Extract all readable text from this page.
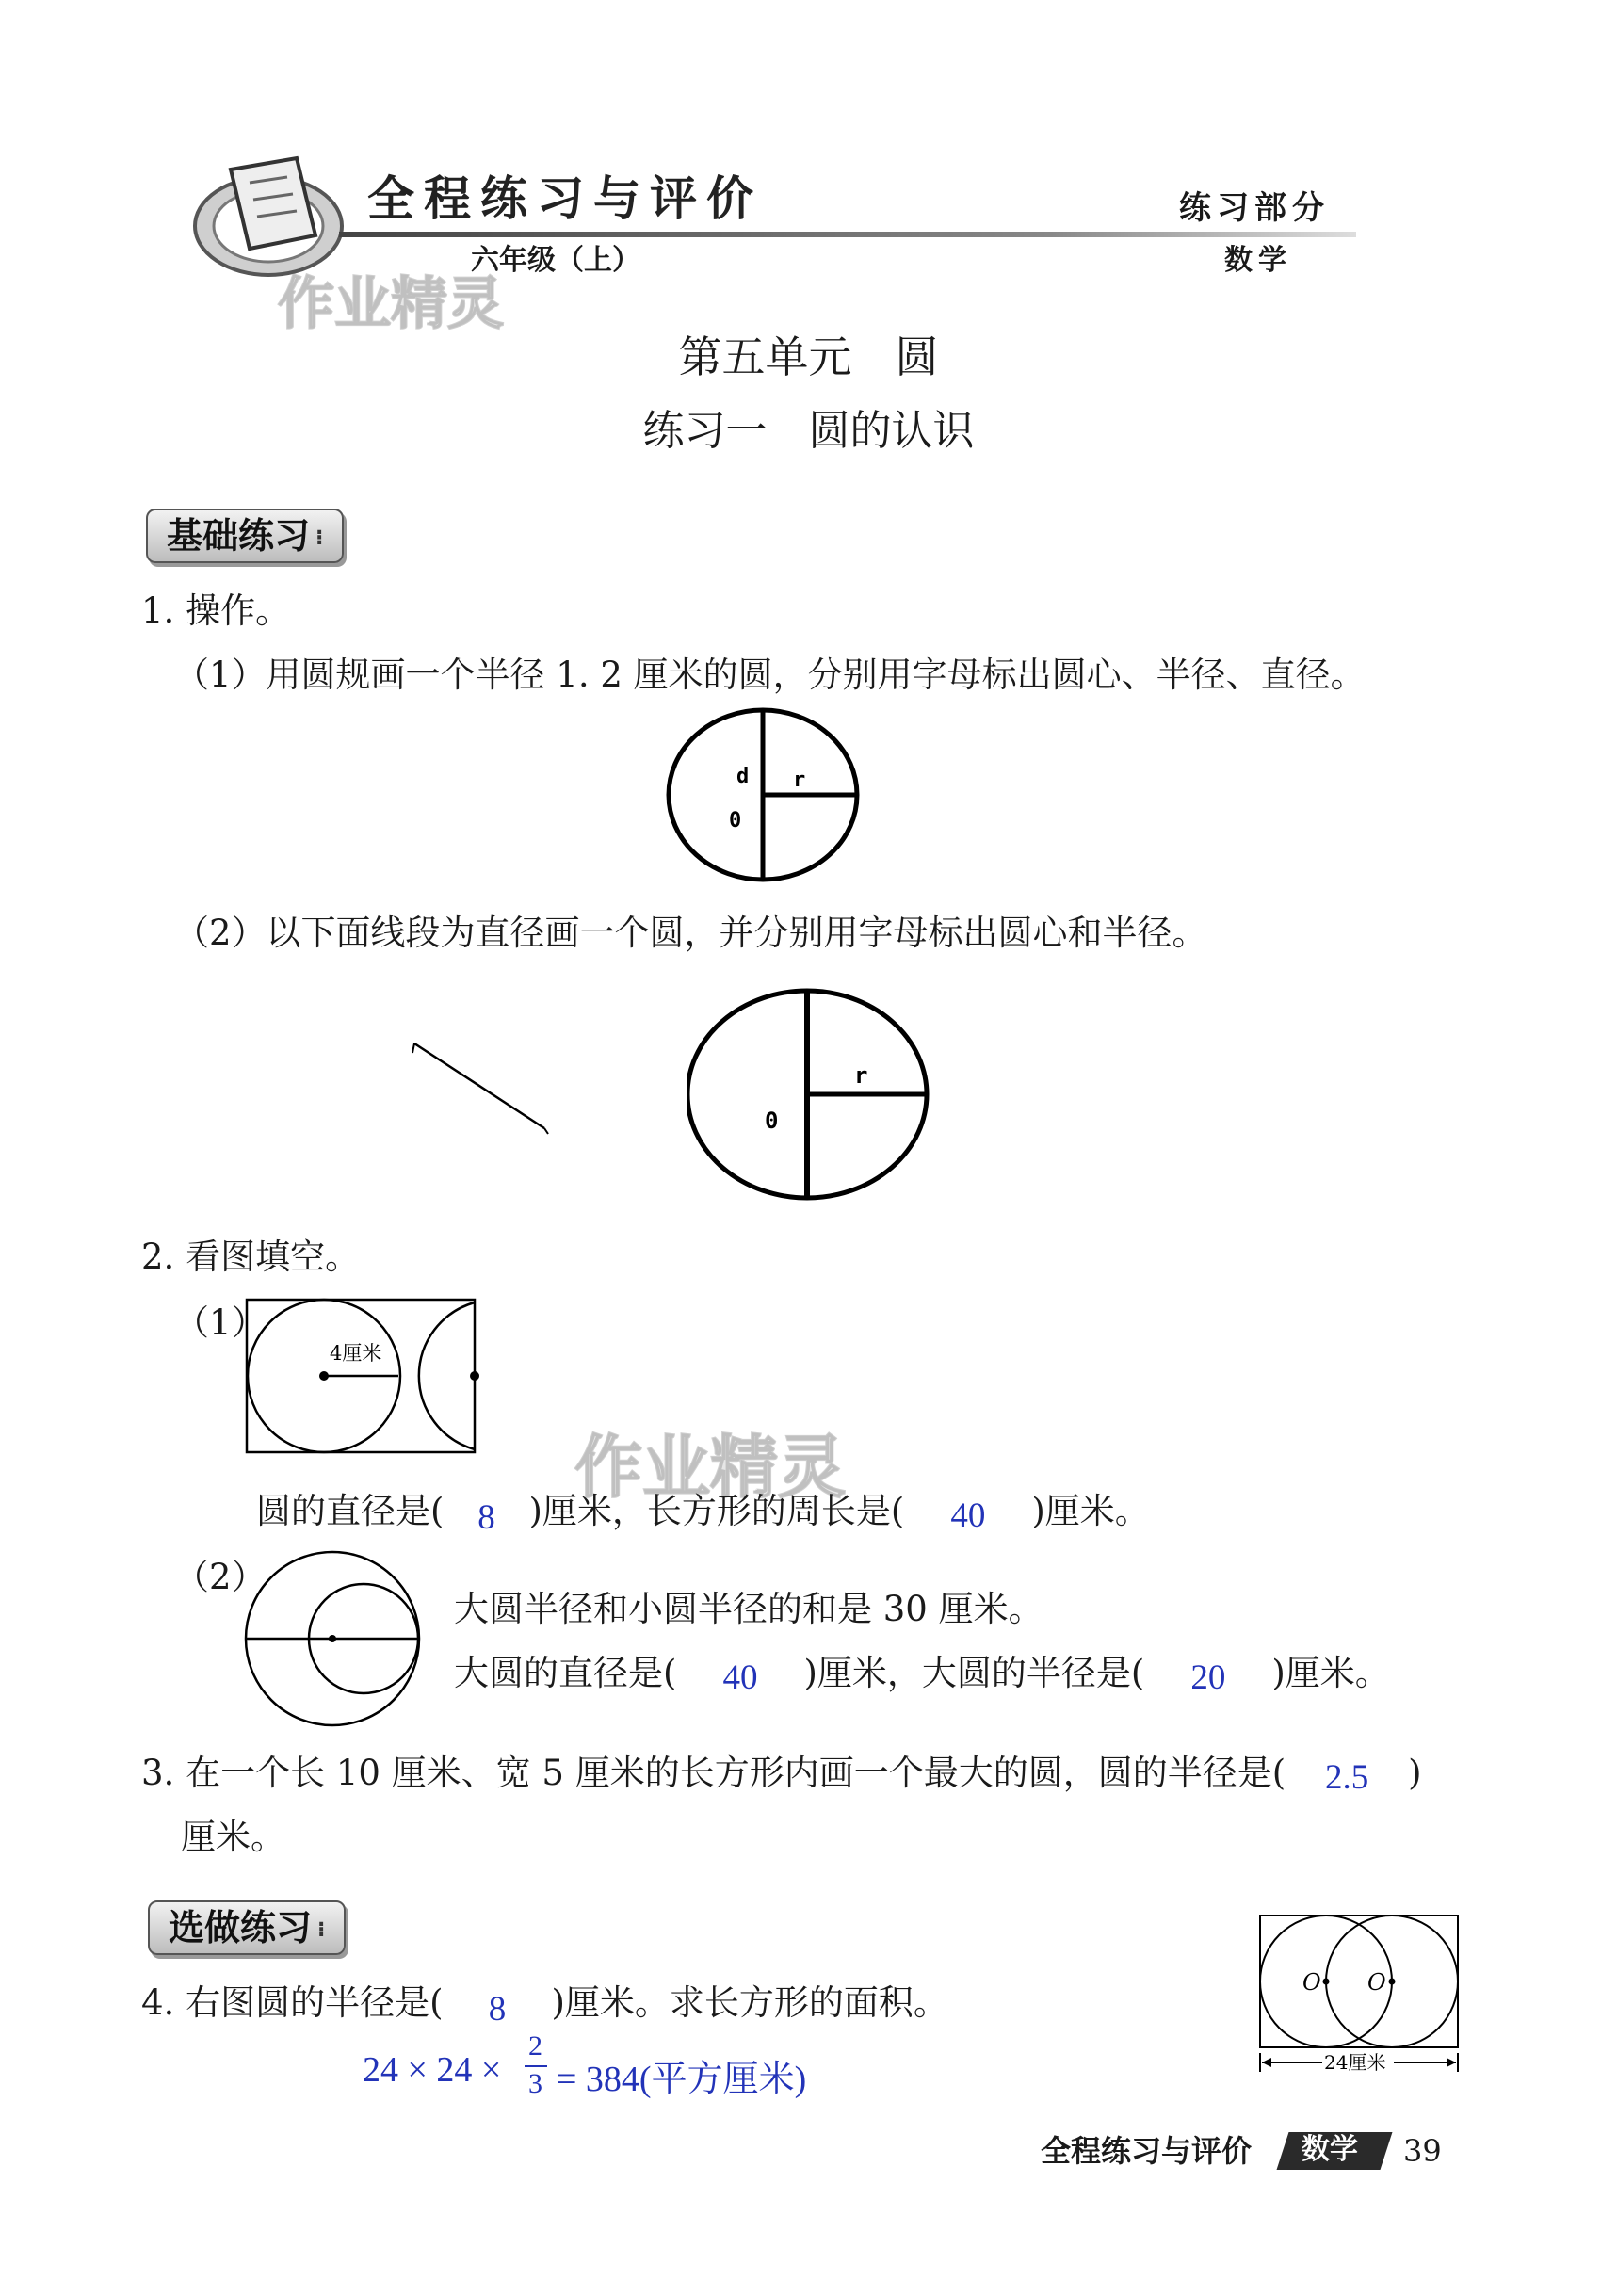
全程练习与评价
六年级（上）
练习部分
数学
作业精灵
第五单元　圆
练习一　圆的认识
基础练习 ⁝
1. 操作。
（1）用圆规画一个半径 1. 2 厘米的圆，分别用字母标出圆心、半径、直径。
d r
0
（2）以下面线段为直径画一个圆，并分别用字母标出圆心和半径。
r
0
2. 看图填空。
（1）
4厘米
作业精灵
圆的直径是( 8 )厘米，长方形的周长是( 40 )厘米。
（2）
大圆半径和小圆半径的和是 30 厘米。
大圆的直径是( 40 )厘米，大圆的半径是( 20 )厘米。
3. 在一个长 10 厘米、宽 5 厘米的长方形内画一个最大的圆，圆的半径是( 2.5 )
厘米。
选做练习 ⁝
4. 右图圆的半径是( 8 )厘米。求长方形的面积。
24 × 24 ×
2
3 = 384(平方厘米)
O O
24厘米
全程练习与评价 数学 39
